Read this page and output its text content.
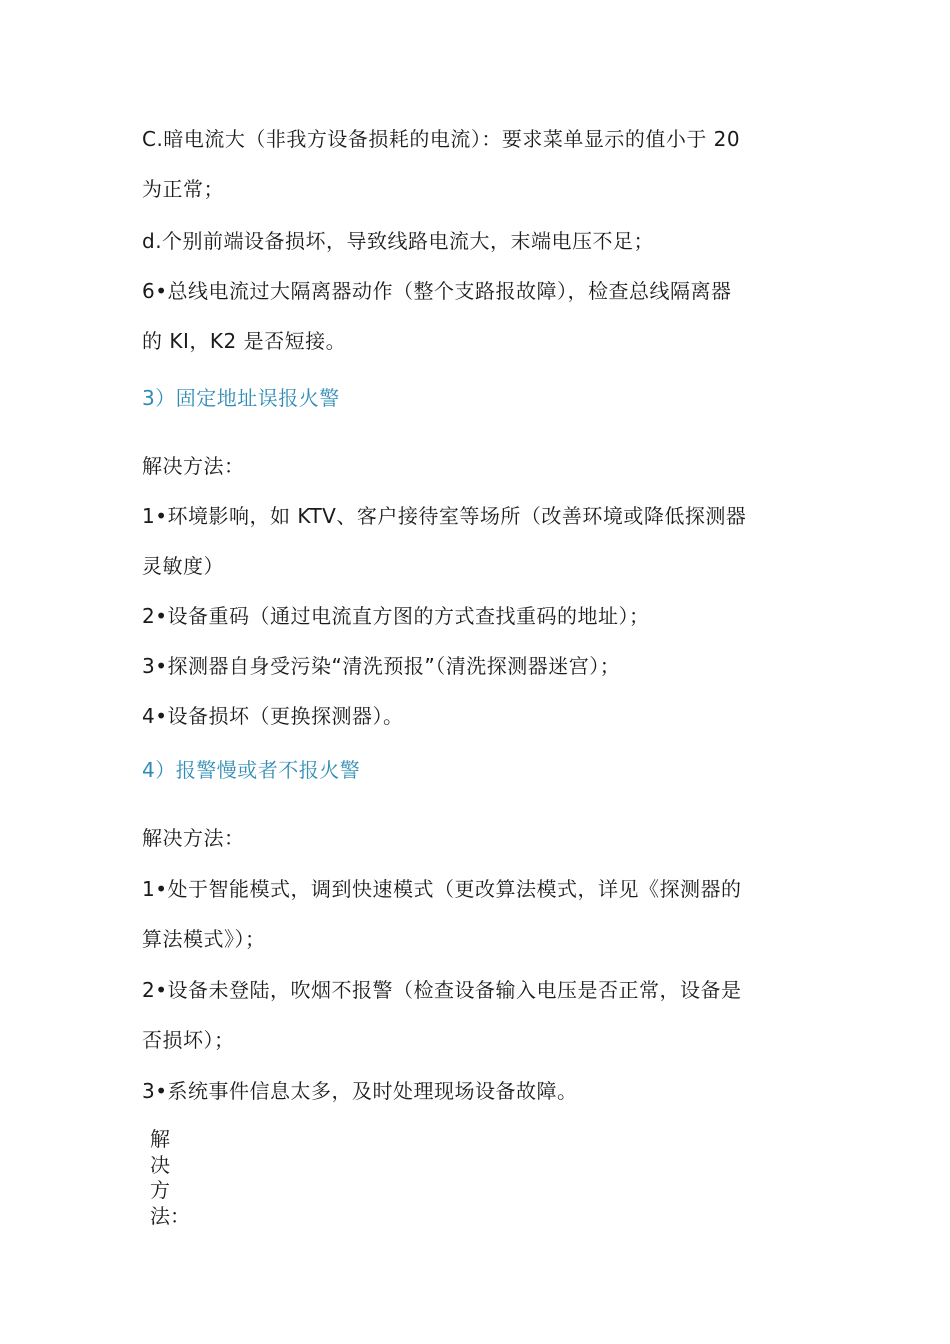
C.暗电流大（非我方设备损耗的电流）：要求菜单显示的值小于 20
为正常；
d.个别前端设备损坏，导致线路电流大，末端电压不足；
6•总线电流过大隔离器动作（整个支路报故障），检查总线隔离器
的 KI，K2 是否短接。
3）固定地址误报火警
解决方法：
1•环境影响，如 KTV、客户接待室等场所（改善环境或降低探测器
灵敏度）
2•设备重码（通过电流直方图的方式查找重码的地址）；
3•探测器自身受污染“清洗预报”（清洗探测器迷宫）；
4•设备损坏（更换探测器）。
4）报警慢或者不报火警
解决方法：
1•处于智能模式，调到快速模式（更改算法模式，详见《探测器的
算法模式》）；
2•设备未登陆，吹烟不报警（检查设备输入电压是否正常，设备是
否损坏）；
3•系统事件信息太多，及时处理现场设备故障。
解
决
方
法：
